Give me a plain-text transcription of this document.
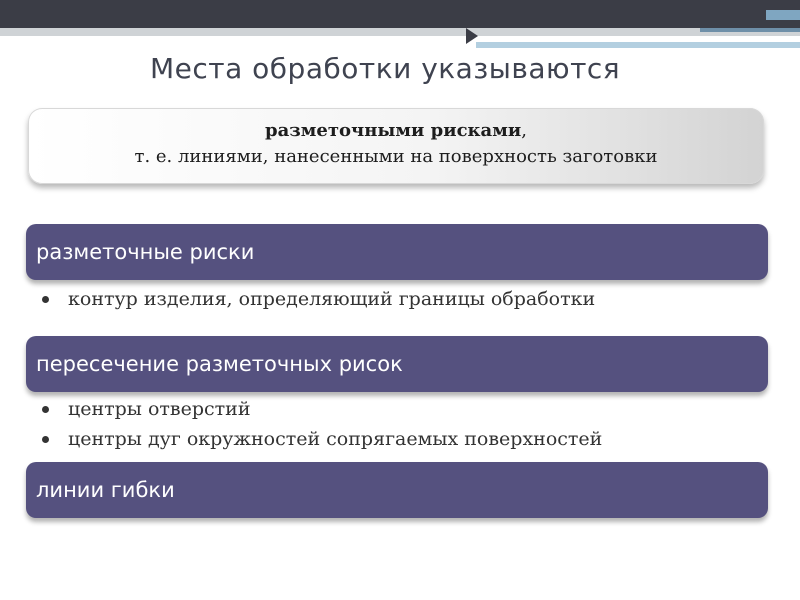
Места обработки указываются
разметочными рисками,
т. е. линиями, нанесенными на поверхность заготовки
разметочные риски
контур изделия, определяющий границы обработки
пересечение разметочных рисок
центры отверстий
центры дуг окружностей сопрягаемых поверхностей
линии гибки
